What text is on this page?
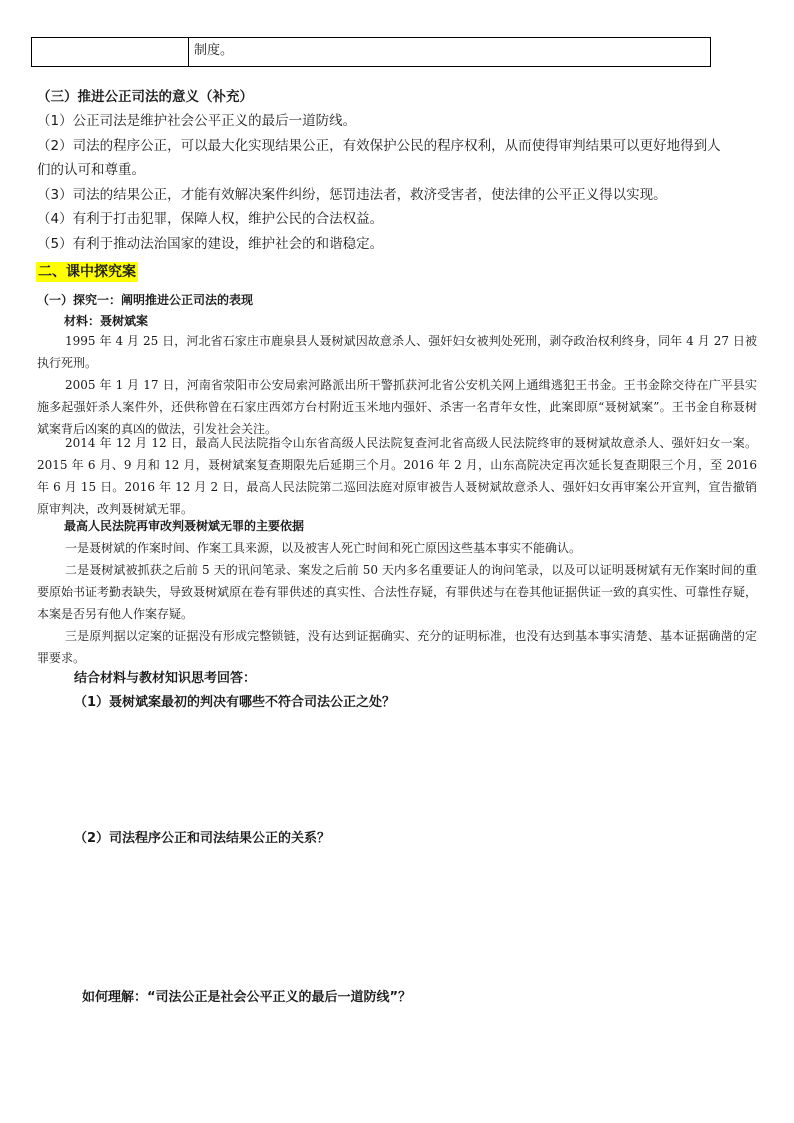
制度。
（三）推进公正司法的意义（补充）
（1）公正司法是维护社会公平正义的最后一道防线。
（2）司法的程序公正，可以最大化实现结果公正，有效保护公民的程序权利，从而使得审判结果可以更好地得到人
们的认可和尊重。
（3）司法的结果公正，才能有效解决案件纠纷，惩罚违法者，救济受害者，使法律的公平正义得以实现。
（4）有利于打击犯罪，保障人权，维护公民的合法权益。
（5）有利于推动法治国家的建设，维护社会的和谐稳定。
二、课中探究案
（一）探究一：阐明推进公正司法的表现
材料：聂树斌案
1995 年 4 月 25 日，河北省石家庄市鹿泉县人聂树斌因故意杀人、强奸妇女被判处死刑，剥夺政治权利终身，同年 4 月 27 日被执行死刑。
2005 年 1 月 17 日，河南省荥阳市公安局索河路派出所干警抓获河北省公安机关网上通缉逃犯王书金。王书金除交待在广平县实施多起强奸杀人案件外，还供称曾在石家庄西郊方台村附近玉米地内强奸、杀害一名青年女性，此案即原“聂树斌案”。王书金自称聂树斌案背后凶案的真凶的做法，引发社会关注。
2014 年 12 月 12 日，最高人民法院指令山东省高级人民法院复查河北省高级人民法院终审的聂树斌故意杀人、强奸妇女一案。2015 年 6 月、9 月和 12 月，聂树斌案复查期限先后延期三个月。2016 年 2 月，山东高院决定再次延长复查期限三个月，至 2016 年 6 月 15 日。2016 年 12 月 2 日，最高人民法院第二巡回法庭对原审被告人聂树斌故意杀人、强奸妇女再审案公开宣判，宣告撤销原审判决，改判聂树斌无罪。
最高人民法院再审改判聂树斌无罪的主要依据
一是聂树斌的作案时间、作案工具来源，以及被害人死亡时间和死亡原因这些基本事实不能确认。
二是聂树斌被抓获之后前 5 天的讯问笔录、案发之后前 50 天内多名重要证人的询问笔录，以及可以证明聂树斌有无作案时间的重要原始书证考勤表缺失，导致聂树斌原在卷有罪供述的真实性、合法性存疑，有罪供述与在卷其他证据供证一致的真实性、可靠性存疑，本案是否另有他人作案存疑。
三是原判据以定案的证据没有形成完整锁链，没有达到证据确实、充分的证明标准，也没有达到基本事实清楚、基本证据确凿的定罪要求。
结合材料与教材知识思考回答：
（1）聂树斌案最初的判决有哪些不符合司法公正之处？
（2）司法程序公正和司法结果公正的关系？
如何理解：“司法公正是社会公平正义的最后一道防线”？
